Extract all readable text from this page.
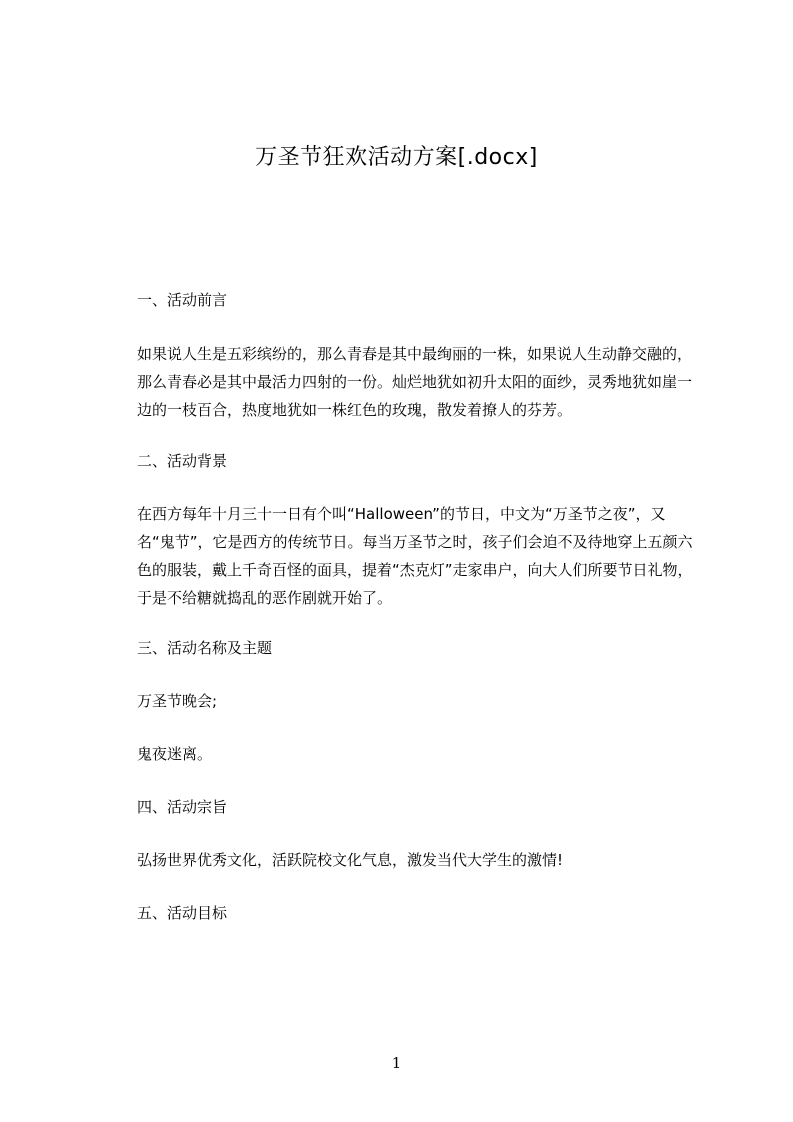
万圣节狂欢活动方案[.docx]
一、活动前言
如果说人生是五彩缤纷的，那么青春是其中最绚丽的一株，如果说人生动静交融的，那么青春必是其中最活力四射的一份。灿烂地犹如初升太阳的面纱，灵秀地犹如崖一边的一枝百合，热度地犹如一株红色的玫瑰，散发着撩人的芬芳。
二、活动背景
在西方每年十月三十一日有个叫“Halloween”的节日，中文为“万圣节之夜”，又名“鬼节”，它是西方的传统节日。每当万圣节之时，孩子们会迫不及待地穿上五颜六色的服装，戴上千奇百怪的面具，提着“杰克灯”走家串户，向大人们所要节日礼物，于是不给糖就捣乱的恶作剧就开始了。
三、活动名称及主题
万圣节晚会;
鬼夜迷离。
四、活动宗旨
弘扬世界优秀文化，活跃院校文化气息，激发当代大学生的激情!
五、活动目标
1
